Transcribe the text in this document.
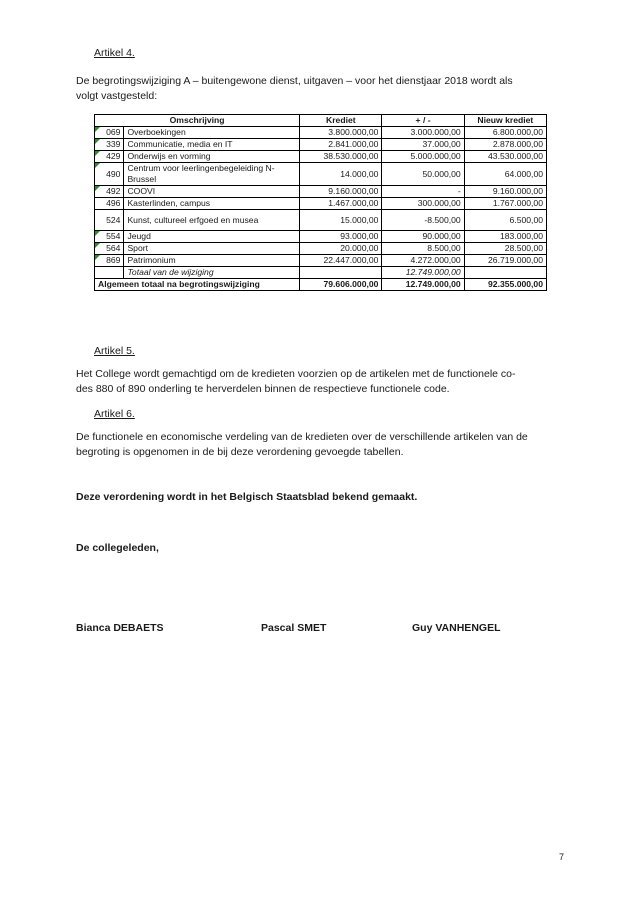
Artikel 4.
De begrotingswijziging A – buitengewone dienst, uitgaven – voor het dienstjaar 2018 wordt als
volgt vastgesteld:
Omschrijving		Krediet	+ / -	Nieuw krediet

069	Overboekingen	3.800.000,00	3.000.000,00	6.800.000,00

339	Communicatie, media en IT	2.841.000,00	37.000,00	2.878.000,00

429	Onderwijs en vorming	38.530.000,00	5.000.000,00	43.530.000,00

490	Centrum voor leerlingenbegeleiding N-Brussel	14.000,00	50.000,00	64.000,00

492	COOVI	9.160.000,00	-	9.160.000,00
496	Kasterlinden, campus	1.467.000,00	300.000,00	1.767.000,00
524	Kunst, cultureel erfgoed en musea	15.000,00	-8.500,00	6.500,00

554	Jeugd	93.000,00	90.000,00	183.000,00

564	Sport	20.000,00	8.500,00	28.500,00

869	Patrimonium	22.447.000,00	4.272.000,00	26.719.000,00
	Totaal van de wijziging		12.749.000,00	
Algemeen totaal na begrotingswijziging		79.606.000,00	12.749.000,00	92.355.000,00
Artikel 5.
Het College wordt gemachtigd om de kredieten voorzien op de artikelen met de functionele co-
des 880 of 890 onderling te herverdelen binnen de respectieve functionele code.
Artikel 6.
De functionele en economische verdeling van de kredieten over de verschillende artikelen van de
begroting is opgenomen in de bij deze verordening gevoegde tabellen.
Deze verordening wordt in het Belgisch Staatsblad bekend gemaakt.
De collegeleden,
Bianca DEBAETS	Pascal SMET	Guy VANHENGEL
7
